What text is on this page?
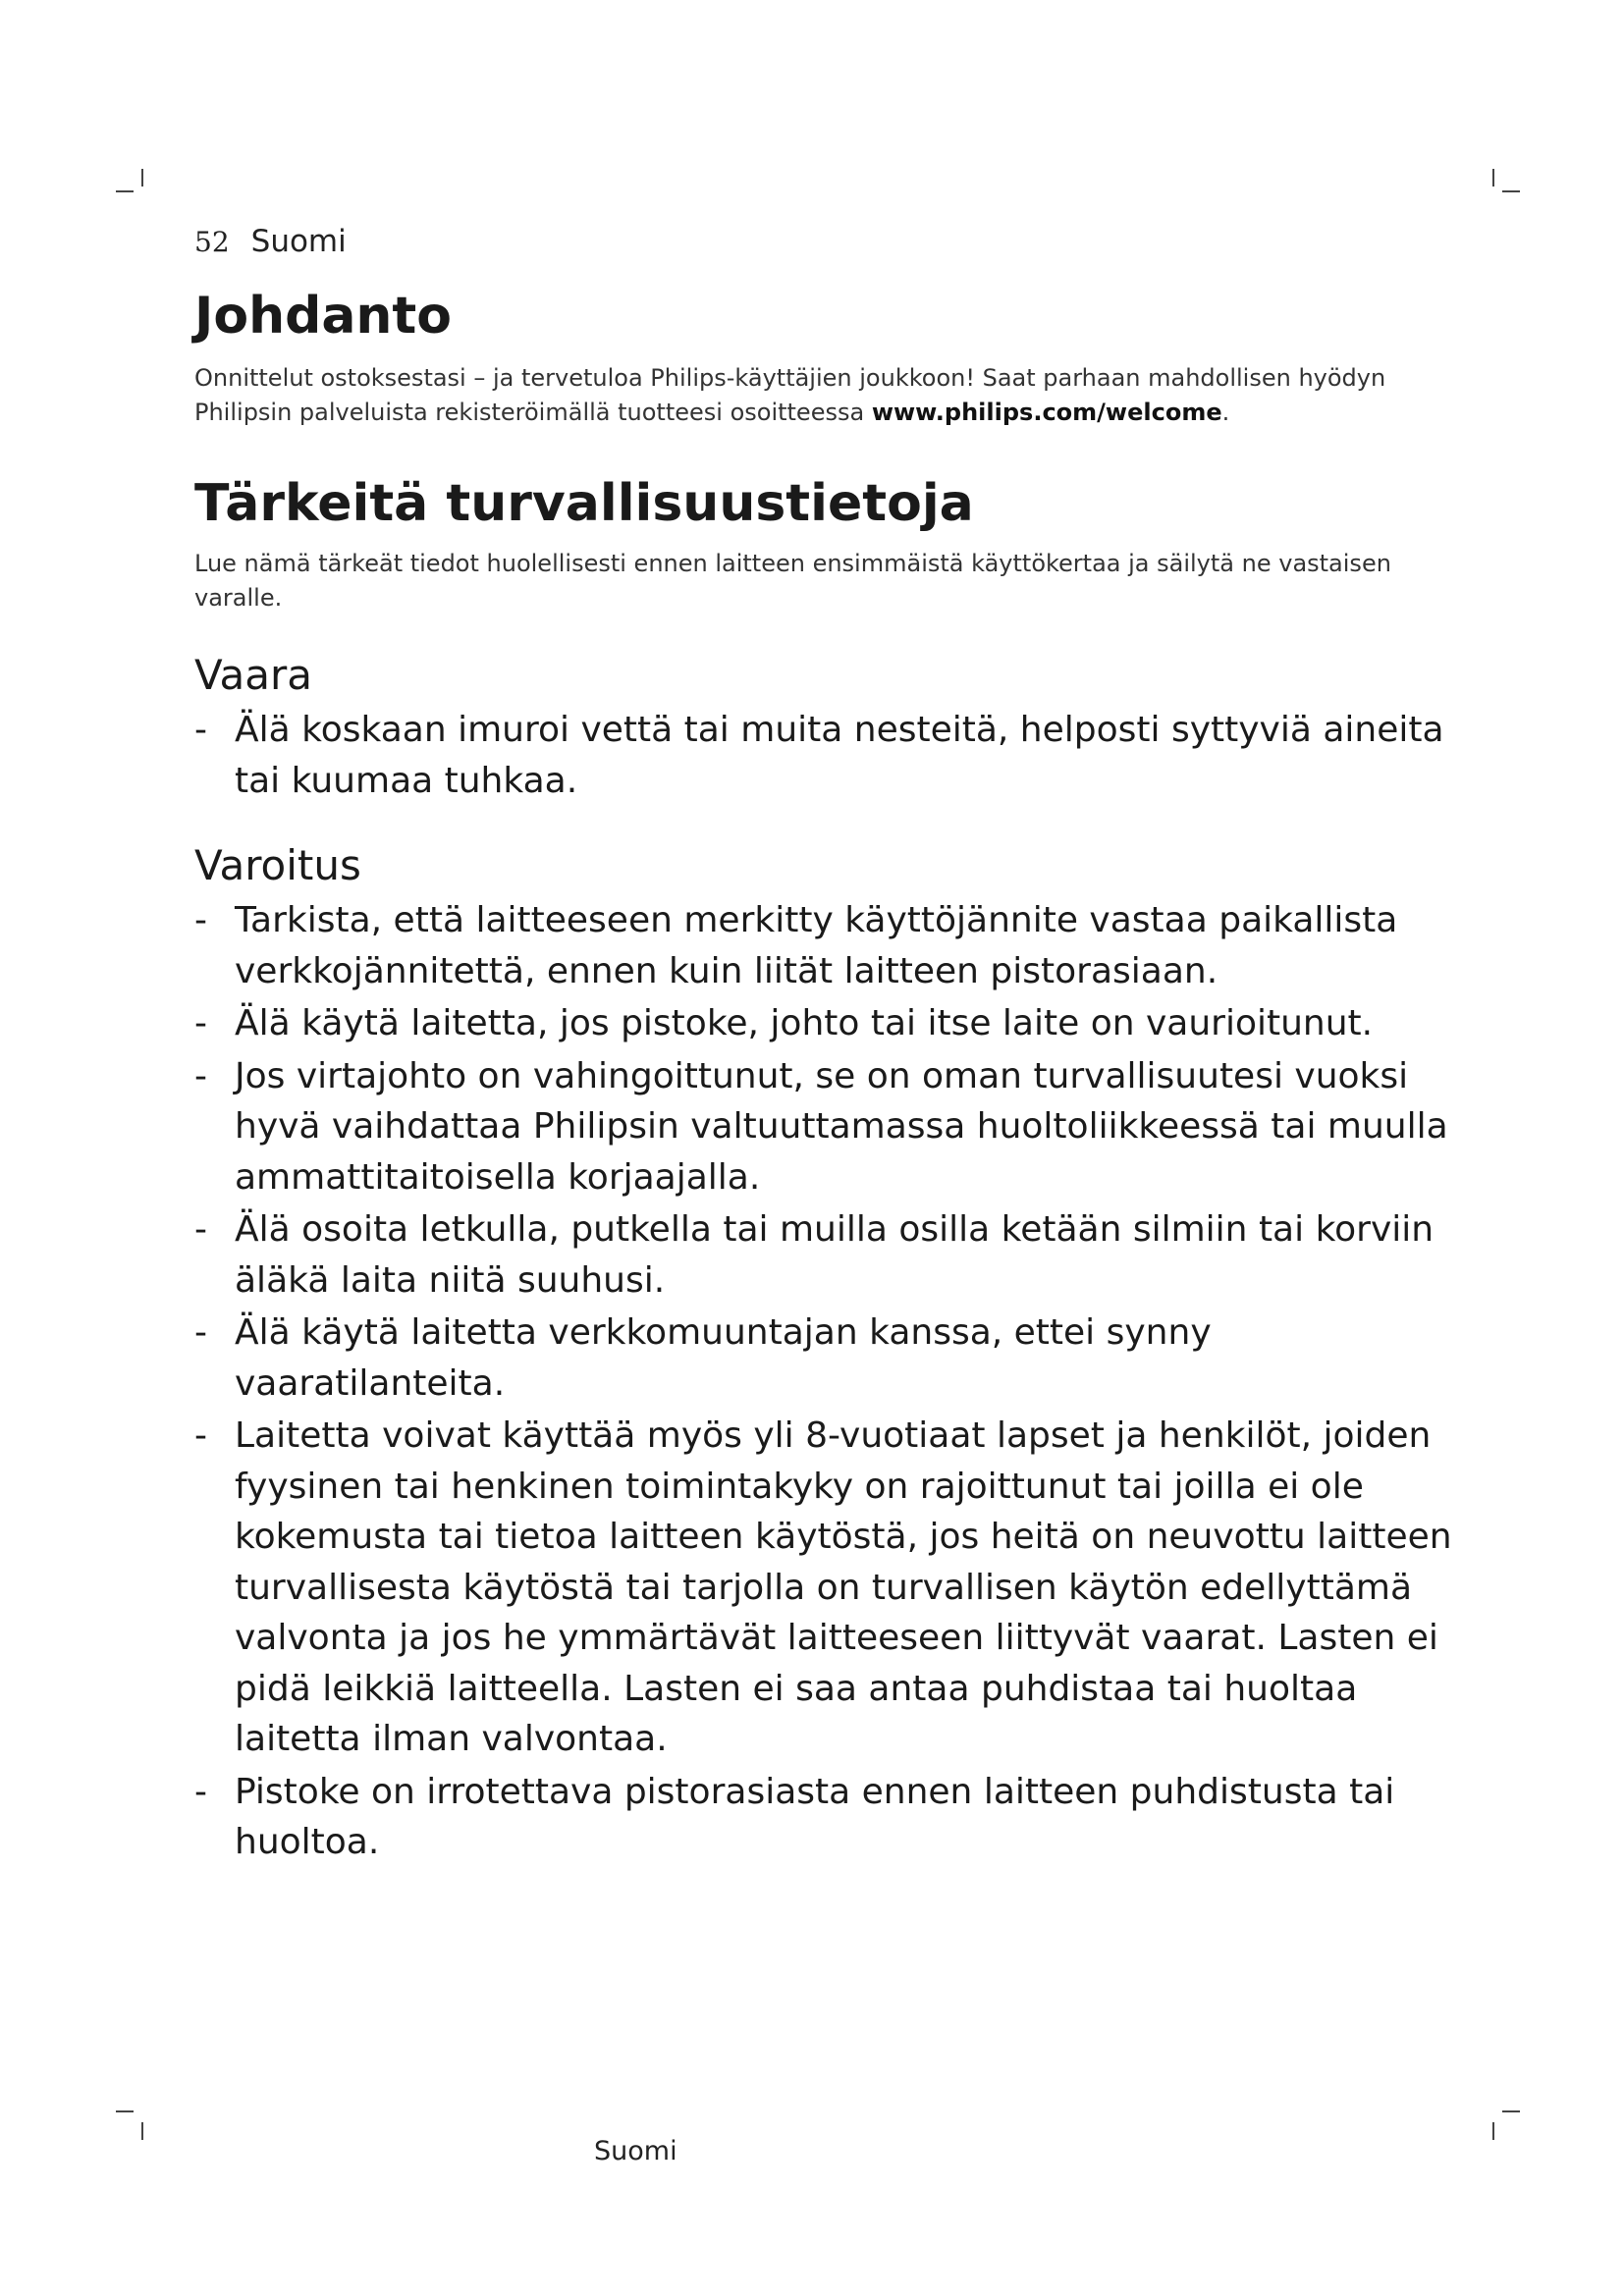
52 Suomi
Johdanto

Onnittelut ostoksestasi – ja tervetuloa Philips-käyttäjien joukkoon! Saat parhaan mahdollisen hyödyn Philipsin palveluista rekisteröimällä tuotteesi osoitteessa www.philips.com/welcome.

Tärkeitä turvallisuustietoja

Lue nämä tärkeät tiedot huolellisesti ennen laitteen ensimmäistä käyttökertaa ja säilytä ne vastaisen varalle.

Vaara
- Älä koskaan imuroi vettä tai muita nesteitä, helposti syttyviä aineita tai kuumaa tuhkaa.
Varoitus
- Tarkista, että laitteeseen merkitty käyttöjännite vastaa paikallista verkkojännitettä, ennen kuin liität laitteen pistorasiaan.
- Älä käytä laitetta, jos pistoke, johto tai itse laite on vaurioitunut.
- Jos virtajohto on vahingoittunut, se on oman turvallisuutesi vuoksi hyvä vaihdattaa Philipsin valtuuttamassa huoltoliikkeessä tai muulla ammattitaitoisella korjaajalla.
- Älä osoita letkulla, putkella tai muilla osilla ketään silmiin tai korviin äläkä laita niitä suuhusi.
- Älä käytä laitetta verkkomuuntajan kanssa, ettei synny vaaratilanteita.
- Laitetta voivat käyttää myös yli 8-vuotiaat lapset ja henkilöt, joiden fyysinen tai henkinen toimintakyky on rajoittunut tai joilla ei ole kokemusta tai tietoa laitteen käytöstä, jos heitä on neuvottu laitteen turvallisesta käytöstä tai tarjolla on turvallisen käytön edellyttämä valvonta ja jos he ymmärtävät laitteeseen liittyvät vaarat. Lasten ei pidä leikkiä laitteella. Lasten ei saa antaa puhdistaa tai huoltaa laitetta ilman valvontaa.
- Pistoke on irrotettava pistorasiasta ennen laitteen puhdistusta tai huoltoa.
Suomi
